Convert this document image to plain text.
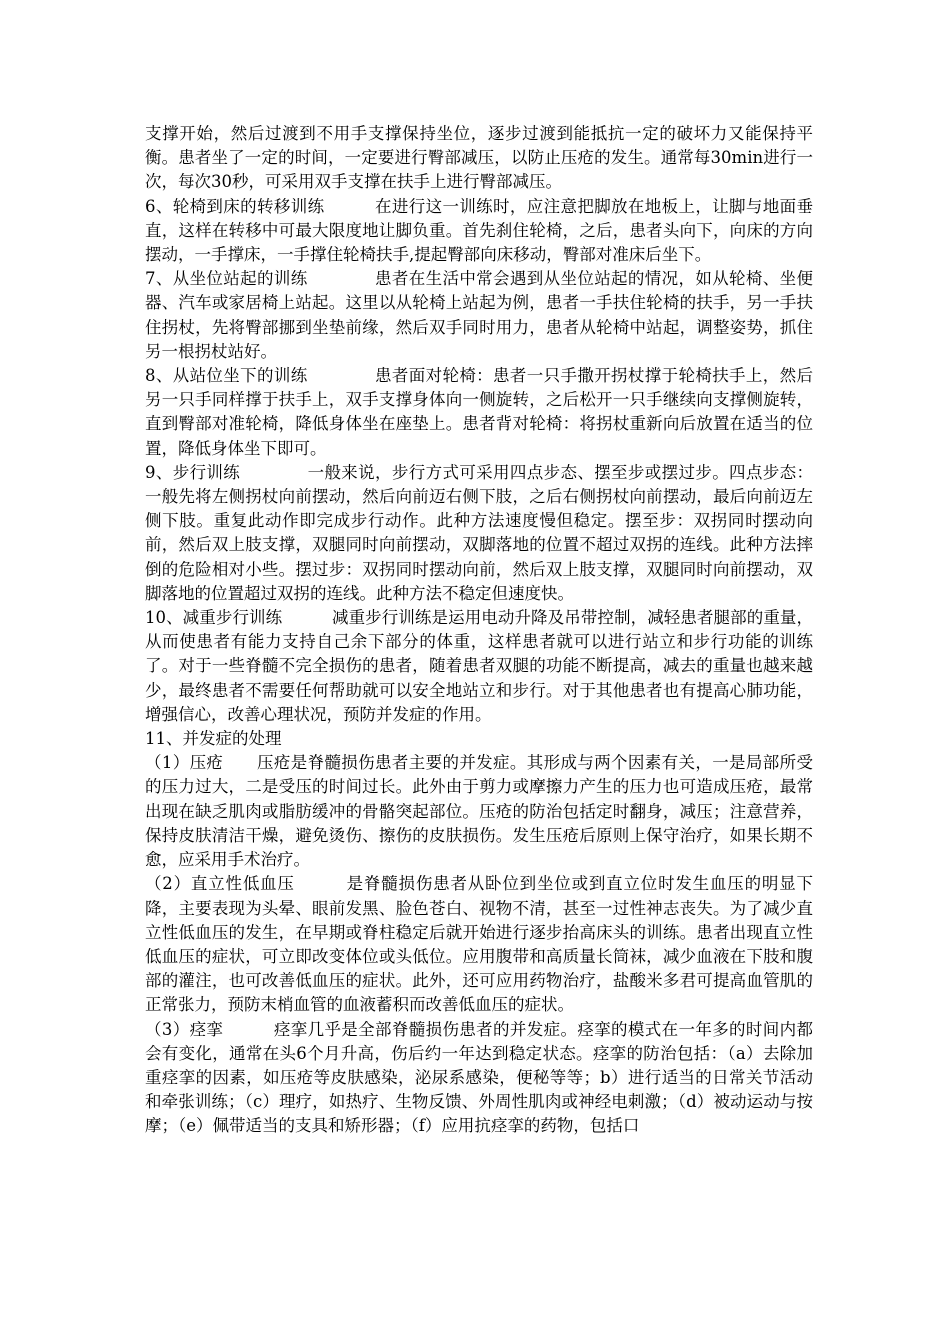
支撑开始，然后过渡到不用手支撑保持坐位，逐步过渡到能抵抗一定的破坏力又能保持平衡。患者坐了一定的时间，一定要进行臀部减压，以防止压疮的发生。通常每30min进行一次，每次30秒，可采用双手支撑在扶手上进行臀部减压。

6、轮椅到床的转移训练　　　在进行这一训练时，应注意把脚放在地板上，让脚与地面垂直，这样在转移中可最大限度地让脚负重。首先刹住轮椅，之后，患者头向下，向床的方向摆动，一手撑床，一手撑住轮椅扶手,提起臀部向床移动，臀部对准床后坐下。

7、从坐位站起的训练　　　　患者在生活中常会遇到从坐位站起的情况，如从轮椅、坐便器、汽车或家居椅上站起。这里以从轮椅上站起为例，患者一手扶住轮椅的扶手，另一手扶住拐杖，先将臀部挪到坐垫前缘，然后双手同时用力，患者从轮椅中站起，调整姿势，抓住另一根拐杖站好。

8、从站位坐下的训练　　　　患者面对轮椅：患者一只手撒开拐杖撑于轮椅扶手上，然后另一只手同样撑于扶手上，双手支撑身体向一侧旋转，之后松开一只手继续向支撑侧旋转，直到臀部对准轮椅，降低身体坐在座垫上。患者背对轮椅：将拐杖重新向后放置在适当的位置，降低身体坐下即可。

9、步行训练　　　　一般来说，步行方式可采用四点步态、摆至步或摆过步。四点步态：一般先将左侧拐杖向前摆动，然后向前迈右侧下肢，之后右侧拐杖向前摆动，最后向前迈左侧下肢。重复此动作即完成步行动作。此种方法速度慢但稳定。摆至步：双拐同时摆动向前，然后双上肢支撑，双腿同时向前摆动，双脚落地的位置不超过双拐的连线。此种方法摔倒的危险相对小些。摆过步：双拐同时摆动向前，然后双上肢支撑，双腿同时向前摆动，双脚落地的位置超过双拐的连线。此种方法不稳定但速度快。

10、减重步行训练　　　减重步行训练是运用电动升降及吊带控制，减轻患者腿部的重量，从而使患者有能力支持自己余下部分的体重，这样患者就可以进行站立和步行功能的训练了。对于一些脊髓不完全损伤的患者，随着患者双腿的功能不断提高，减去的重量也越来越少，最终患者不需要任何帮助就可以安全地站立和步行。对于其他患者也有提高心肺功能，增强信心，改善心理状况，预防并发症的作用。

11、并发症的处理

（1）压疮　　压疮是脊髓损伤患者主要的并发症。其形成与两个因素有关，一是局部所受的压力过大，二是受压的时间过长。此外由于剪力或摩擦力产生的压力也可造成压疮，最常出现在缺乏肌肉或脂肪缓冲的骨骼突起部位。压疮的防治包括定时翻身，减压；注意营养，保持皮肤清洁干燥，避免烫伤、擦伤的皮肤损伤。发生压疮后原则上保守治疗，如果长期不愈，应采用手术治疗。

（2）直立性低血压　　　是脊髓损伤患者从卧位到坐位或到直立位时发生血压的明显下降，主要表现为头晕、眼前发黑、脸色苍白、视物不清，甚至一过性神志丧失。为了减少直立性低血压的发生，在早期或脊柱稳定后就开始进行逐步抬高床头的训练。患者出现直立性低血压的症状，可立即改变体位或头低位。应用腹带和高质量长筒袜，减少血液在下肢和腹部的灌注，也可改善低血压的症状。此外，还可应用药物治疗，盐酸米多君可提高血管肌的正常张力，预防末梢血管的血液蓄积而改善低血压的症状。

（3）痉挛　　　痉挛几乎是全部脊髓损伤患者的并发症。痉挛的模式在一年多的时间内都会有变化，通常在头6个月升高，伤后约一年达到稳定状态。痉挛的防治包括：（a）去除加重痉挛的因素，如压疮等皮肤感染，泌尿系感染，便秘等等；b）进行适当的日常关节活动和牵张训练；（c）理疗，如热疗、生物反馈、外周性肌肉或神经电刺激；（d）被动运动与按摩；（e）佩带适当的支具和矫形器；（f）应用抗痉挛的药物，包括口
